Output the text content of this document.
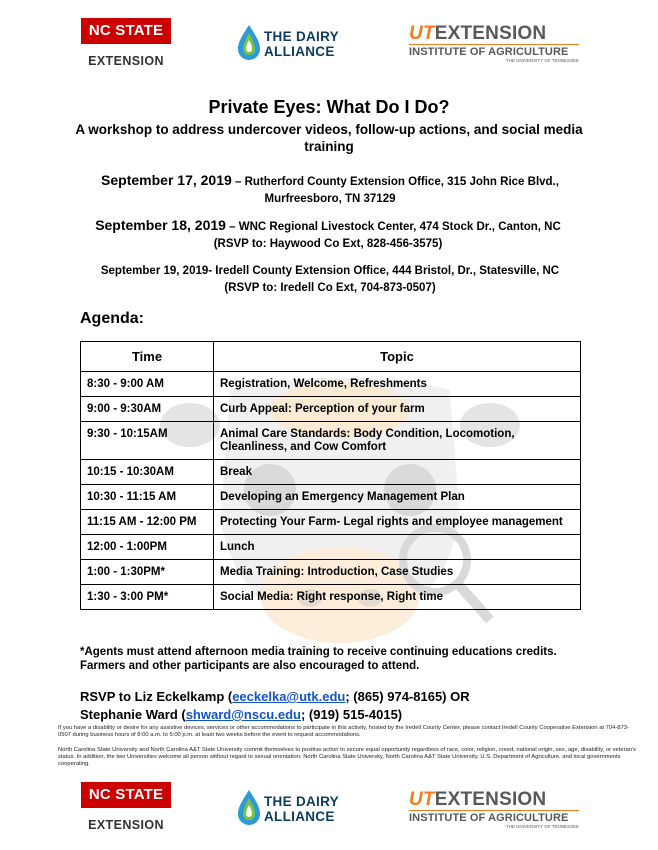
NC STATE
EXTENSION
THE DAIRY
ALLIANCE
UTEXTENSION
INSTITUTE OF AGRICULTURE
THE UNIVERSITY OF TENNESSEE
Private Eyes: What Do I Do?
A workshop to address undercover videos, follow-up actions, and social media training
September 17, 2019 – Rutherford County Extension Office, 315 John Rice Blvd., Murfreesboro, TN 37129
September 18, 2019 – WNC Regional Livestock Center, 474 Stock Dr., Canton, NC (RSVP to: Haywood Co Ext, 828-456-3575)
September 19, 2019- Iredell County Extension Office, 444 Bristol, Dr., Statesville, NC (RSVP to: Iredell Co Ext, 704-873-0507)
Agenda:
Time	Topic
8:30 - 9:00 AM	Registration, Welcome, Refreshments
9:00 - 9:30AM	Curb Appeal: Perception of your farm
9:30 - 10:15AM	Animal Care Standards: Body Condition, Locomotion, Cleanliness, and Cow Comfort
10:15 - 10:30AM	Break
10:30 - 11:15 AM	Developing an Emergency Management Plan
11:15 AM - 12:00 PM	Protecting Your Farm- Legal rights and employee management
12:00 - 1:00PM	Lunch
1:00 - 1:30PM*	Media Training: Introduction, Case Studies
1:30 - 3:00 PM*	Social Media: Right response, Right time
*Agents must attend afternoon media training to receive continuing educations credits. Farmers and other participants are also encouraged to attend.
RSVP to Liz Eckelkamp (eeckelka@utk.edu; (865) 974-8165) OR
Stephanie Ward (shward@nscu.edu; (919) 515-4015)
If you have a disability or desire for any assistive devices, services or other accommodations to participate in this activity, hosted by the Iredell County Center, please contact Iredell County Cooperative Extension at 704-873-0507 during business hours of 8:00 a.m. to 5:00 p.m. at least two weeks before the event to request accommodations.
North Carolina State University and North Carolina A&T State University commit themselves to positive action to secure equal opportunity regardless of race, color, religion, creed, national origin, sex, age, disability, or veteran's status. In addition, the two Universities welcome all person without regard to sexual orientation. North Carolina State University, North Carolina A&T State University, U.S. Department of Agriculture, and local governments cooperating.
NC STATE
EXTENSION
THE DAIRY
ALLIANCE
UTEXTENSION
INSTITUTE OF AGRICULTURE
THE UNIVERSITY OF TENNESSEE
